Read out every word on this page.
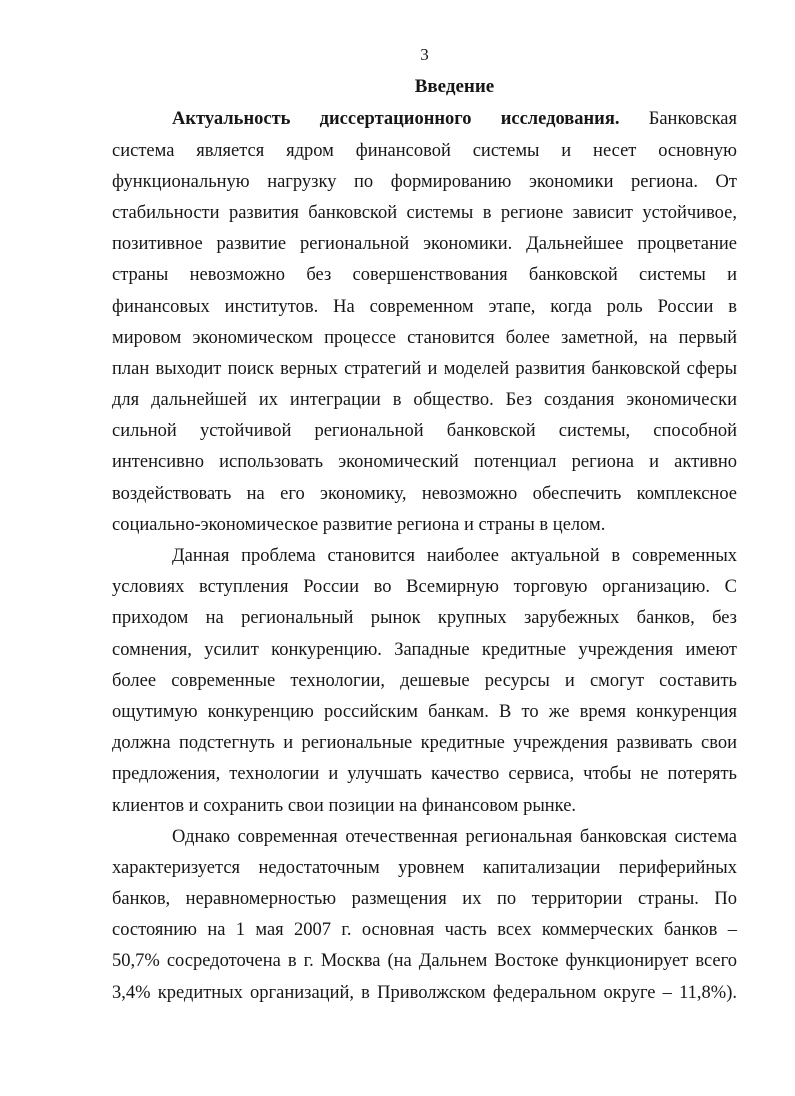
3
Введение
Актуальность диссертационного исследования. Банковская
система является ядром финансовой системы и несет основную
функциональную нагрузку по формированию экономики региона. От
стабильности развития банковской системы в регионе зависит устойчивое,
позитивное развитие региональной экономики. Дальнейшее процветание
страны невозможно без совершенствования банковской системы и
финансовых институтов. На современном этапе, когда роль России в
мировом экономическом процессе становится более заметной, на первый
план выходит поиск верных стратегий и моделей развития банковской сферы
для дальнейшей их интеграции в общество. Без создания экономически
сильной устойчивой региональной банковской системы, способной
интенсивно использовать экономический потенциал региона и активно
воздействовать на его экономику, невозможно обеспечить комплексное
социально-экономическое развитие региона и страны в целом.
Данная проблема становится наиболее актуальной в современных
условиях вступления России во Всемирную торговую организацию. С
приходом на региональный рынок крупных зарубежных банков, без
сомнения, усилит конкуренцию. Западные кредитные учреждения имеют
более современные технологии, дешевые ресурсы и смогут составить
ощутимую конкуренцию российским банкам. В то же время конкуренция
должна подстегнуть и региональные кредитные учреждения развивать свои
предложения, технологии и улучшать качество сервиса, чтобы не потерять
клиентов и сохранить свои позиции на финансовом рынке.
Однако современная отечественная региональная банковская система
характеризуется недостаточным уровнем капитализации периферийных
банков, неравномерностью размещения их по территории страны. По
состоянию на 1 мая 2007 г. основная часть всех коммерческих банков –
50,7% сосредоточена в г. Москва (на Дальнем Востоке функционирует всего
3,4% кредитных организаций, в Приволжском федеральном округе – 11,8%).
